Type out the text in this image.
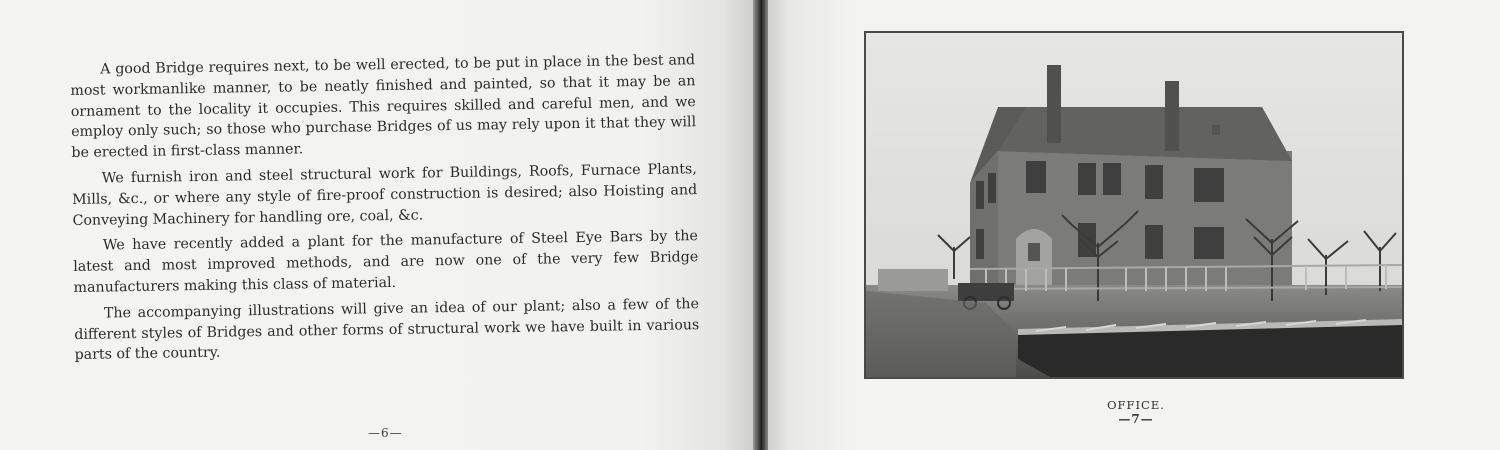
A good Bridge requires next, to be well erected, to be put in place in the best and most workmanlike manner, to be neatly finished and painted, so that it may be an ornament to the locality it occupies. This requires skilled and careful men, and we employ only such; so those who purchase Bridges of us may rely upon it that they will be erected in first-class manner.

We furnish iron and steel structural work for Buildings, Roofs, Furnace Plants, Mills, &c., or where any style of fire-proof construction is desired; also Hoisting and Conveying Machinery for handling ore, coal, &c.

We have recently added a plant for the manufacture of Steel Eye Bars by the latest and most improved methods, and are now one of the very few Bridge manufacturers making this class of material.

The accompanying illustrations will give an idea of our plant; also a few of the different styles of Bridges and other forms of structural work we have built in various parts of the country.

—6—
OFFICE.
—7—
